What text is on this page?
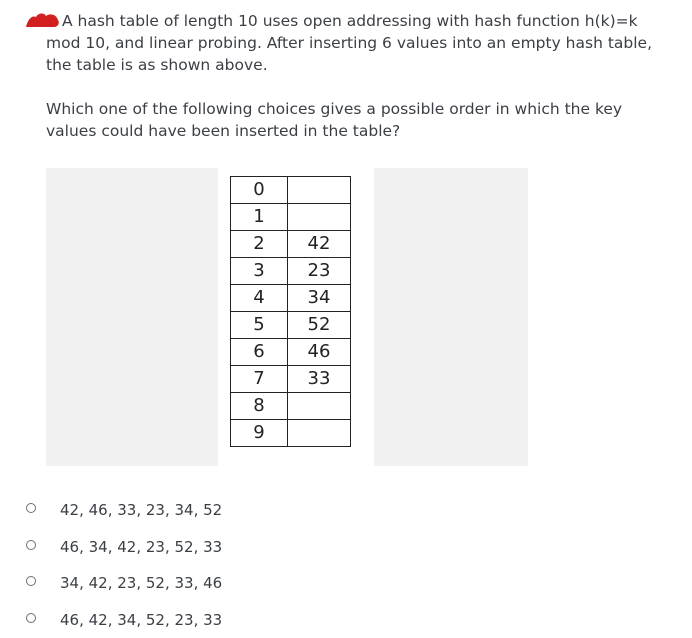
A hash table of length 10 uses open addressing with hash function h(k)=k mod 10, and linear probing. After inserting 6 values into an empty hash table, the table is as shown above.

Which one of the following choices gives a possible order in which the key values could have been inserted in the table?

0	
1	
2	42
3	23
4	34
5	52
6	46
7	33
8	
9	
42, 46, 33, 23, 34, 52
46, 34, 42, 23, 52, 33
34, 42, 23, 52, 33, 46
46, 42, 34, 52, 23, 33
